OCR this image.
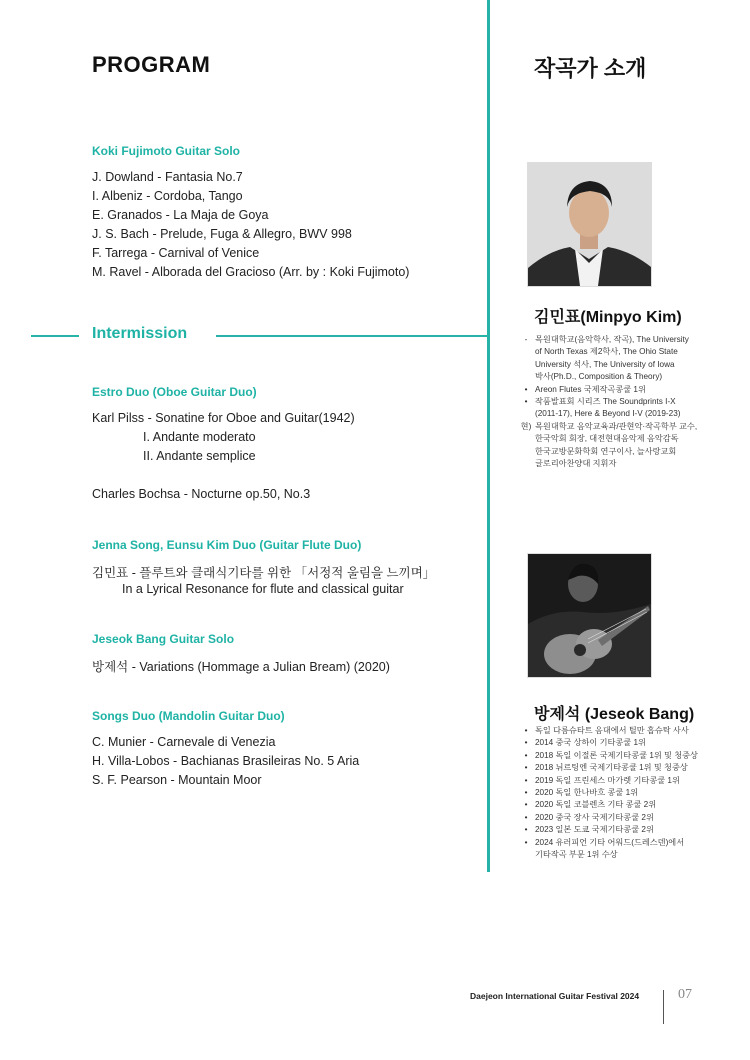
PROGRAM	작곡가 소개
Koki Fujimoto Guitar Solo
J. Dowland - Fantasia No.7
I. Albeniz - Cordoba, Tango
E. Granados - La Maja de Goya
J. S. Bach - Prelude, Fuga & Allegro, BWV 998
F. Tarrega - Carnival of Venice
M. Ravel - Alborada del Gracioso (Arr. by : Koki Fujimoto)
Intermission
Estro Duo (Oboe Guitar Duo)
Karl Pilss - Sonatine for Oboe and Guitar(1942)
I. Andante moderato
II. Andante semplice
Charles Bochsa - Nocturne op.50, No.3
Jenna Song, Eunsu Kim Duo (Guitar Flute Duo)
김민표 - 플루트와 클래식기타를 위한 「서정적 울림을 느끼며」
In a Lyrical Resonance for flute and classical guitar
Jeseok Bang Guitar Solo
방제석 - Variations (Hommage a Julian Bream) (2020)
Songs Duo (Mandolin Guitar Duo)
C. Munier - Carnevale di Venezia
H. Villa-Lobos - Bachianas Brasileiras No. 5 Aria
S. F. Pearson - Mountain Moor
김민표(Minpyo Kim)
- 목원대학교(음악학사, 작곡), The University
of North Texas 제2학사, The Ohio State
University 석사, The University of Iowa
박사(Ph.D., Composition & Theory)
• Areon Flutes 국제작곡콩쿨 1위
• 작품발표회 시리즈 The Soundprints I-X
(2011-17), Here & Beyond I-V (2019-23)
현) 목원대학교 음악교육과/관현악·작곡학부 교수,
한국악회 회장, 대전현대음악제 음악감독
한국교방문화학회 연구이사, 늘사랑교회
글로리아찬양대 지휘자
방제석 (Jeseok Bang)
• 독일 다름슈타트 음대에서 틸만 홉슈탁 사사
• 2014 중국 상하이 기타콩쿨 1위
• 2018 독일 이절론 국제기타콩쿨 1위 및 청중상
• 2018 뉘르팅엔 국제기타콩쿨 1위 및 청중상
• 2019 독일 프린세스 마가렛 기타콩쿨 1위
• 2020 독일 한나바흐 콩쿨 1위
• 2020 독일 코블렌츠 기타 콩쿨 2위
• 2020 중국 장사 국제기타콩쿨 2위
• 2023 일본 도쿄 국제기타콩쿨 2위
• 2024 유러피언 기타 어워드(드레스덴)에서
기타작곡 부문 1위 수상
Daejeon International Guitar Festival 2024	07
